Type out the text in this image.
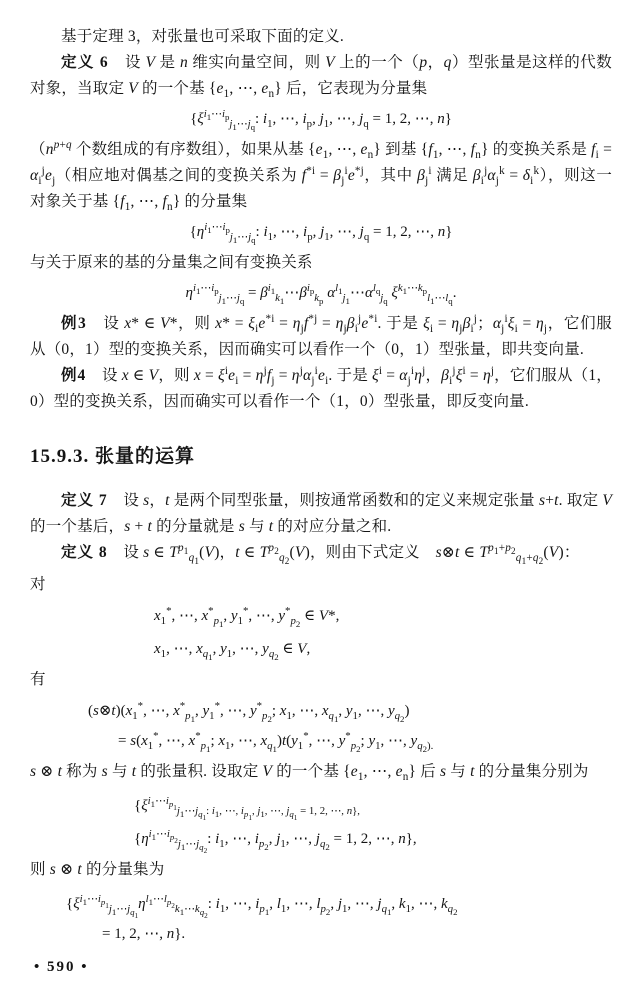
基于定理 3，对张量也可采取下面的定义.

定义 6　设 V 是 n 维实向量空间，则 V 上的一个（p，q）型张量是这样的代数对象，当取定 V 的一个基 {$e_1$, ⋯, $e_n$} 后，它表现为分量集

{$\xi^{i_1\cdots i_p}_{j_1\cdots j_q}$: $i_1$, ⋯, $i_p$, $j_1$, ⋯, $j_q = 1$, 2, ⋯, n}

（$n^{p+q}$ 个数组成的有序数组），如果从基 {$e_1$, ⋯, $e_n$} 到基 {$f_1$, ⋯, $f_n$} 的变换关系是 $f_i = \alpha_i^je_j$（相应地对偶基之间的变换关系为 $f^{*i} = \beta_j^ie^{*j}$，其中 $\beta_j^i$ 满足 $\beta_i^j\alpha_j^k = \delta_i^k$），则这一对象关于基 {$f_1$, ⋯, $f_n$} 的分量集

{$\eta^{i_1\cdots i_p}_{j_1\cdots j_q}$: $i_1$, ⋯, $i_p$, $j_1$, ⋯, $j_q = 1$, 2, ⋯, n}

与关于原来的基的分量集之间有变换关系

$\eta^{i_1\cdots i_p}_{j_1\cdots j_q}$ = $\beta^{i_1}_{k_1}\cdots\beta^{i_p}_{k_p}$ $\alpha^{l_1}_{j_1}\cdots\alpha^{l_q}_{j_q}$ $\xi^{k_1\cdots k_p}_{l_1\cdots l_q}$.

例3　设 x* ∈ V*，则 $x* = \xi_ie^{*i} = \eta_jf^{*j} = \eta_j\beta_i^je^{*i}$. 于是 $\xi_i = \eta_j\beta_i^j$；$\alpha_j^i\xi_i = \eta_j$，它们服从（0，1）型的变换关系，因而确实可以看作一个（0，1）型张量，即共变向量.

例4　设 x ∈ V，则 $x = \xi^ie_i = \eta^jf_j = \eta^j\alpha_j^ie_i$. 于是 $\xi^i = \alpha_j^i\eta^j$，$\beta_i^j\xi^i = \eta^j$，它们服从（1，0）型的变换关系，因而确实可以看作一个（1，0）型张量，即反变向量.

15.9.3. 张量的运算

定义 7　设 s，t 是两个同型张量，则按通常函数和的定义来规定张量 s+t. 取定 V 的一个基后，s + t 的分量就是 s 与 t 的对应分量之和.

定义 8　设 s ∈ $T^{p_1}_{q_1}(V)$，t ∈ $T^{p_2}_{q_2}(V)$，则由下式定义　s⊗t ∈ $T^{p_1+p_2}_{q_1+q_2}(V)$：

对

$x_1^*$, ⋯, $x^*_{p_1}$, $y_1^*$, ⋯, $y^*_{p_2}$ ∈ V*,

$x_1$, ⋯, $x_{q_1}$, $y_1$, ⋯, $y_{q_2}$ ∈ V,

有

$(s\otimes t)(x_1^*$, ⋯, $x^*_{p_1}$, $y_1^*$, ⋯, $y^*_{p_2}$; $x_1$, ⋯, $x_{q_1}$, $y_1$, ⋯, $y_{q_2}$)

= $s(x_1^*$, ⋯, $x^*_{p_1}$; $x_1$, ⋯, $x_{q_1})t(y_1^*$, ⋯, $y^*_{p_2}$; $y_1$, ⋯, $y_{q_2).}$

s ⊗ t 称为 s 与 t 的张量积. 设取定 V 的一个基 {$e_1$, ⋯, $e_n$} 后 s 与 t 的分量集分别为

{$\xi^{i_1\cdots i_{p_1}}_{j_1\cdots j_{q_1}: i_1, \cdots, i_{p_1}, j_1, \cdots, j_{q_1} = 1, 2, \cdots, n\},}$

{$\eta^{i_1\cdots i_{p_2}}_{j_1\cdots j_{q_2}}$: $i_1$, ⋯, $i_{p_2}$, $j_1$, ⋯, $j_{q_2} = 1$, 2, ⋯, n},

则 s ⊗ t 的分量集为

{$\xi^{i_1\cdots i_{p_1}}_{j_1\cdots j_{q_1}}\eta^{l_1\cdots l_{p_2}}_{k_1\cdots k_{q_2}}$: $i_1$, ⋯, $i_{p_1}$, $l_1$, ⋯, $l_{p_2}$, $j_1$, ⋯, $j_{q_1}$, $k_1$, ⋯, $k_{q_2}$

= 1, 2, ⋯, n}.

• 590 •
